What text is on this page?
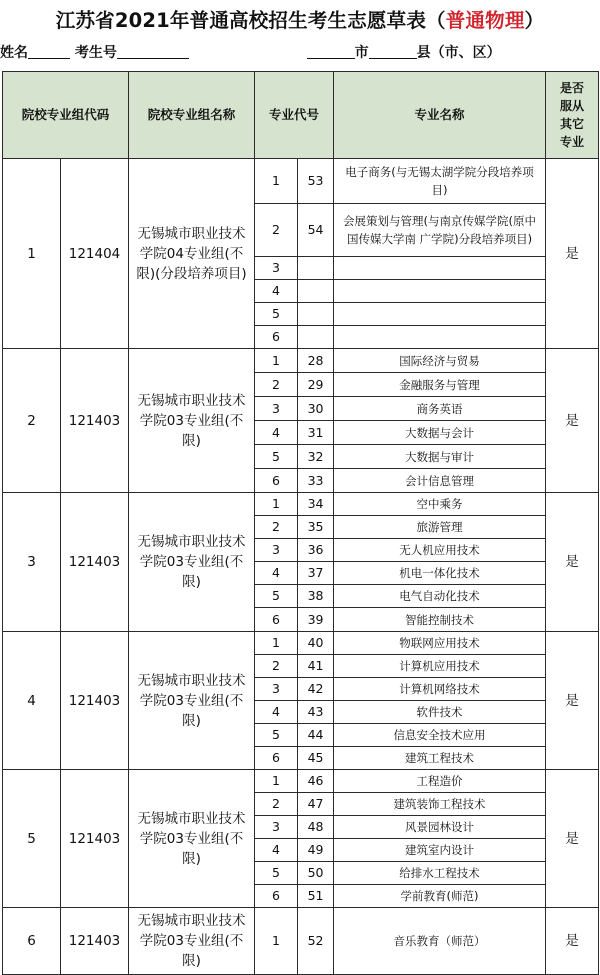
江苏省2021年普通高校招生考生志愿草表（普通物理）
姓名	考生号	市	县（市、区）
院校专业组代码		院校专业组名称	专业代号		专业名称	是否服从其它专业
1	121404	无锡城市职业技术学院04专业组(不限)(分段培养项目)	1	53	电子商务(与无锡太湖学院分段培养项目)	是
			2	54	会展策划与管理(与南京传媒学院(原中国传媒大学南 广学院)分段培养项目)	
			3			
			4			
			5			
			6			
2	121403	无锡城市职业技术学院03专业组(不限)	1	28	国际经济与贸易	是
			2	29	金融服务与管理	
			3	30	商务英语	
			4	31	大数据与会计	
			5	32	大数据与审计	
			6	33	会计信息管理	
3	121403	无锡城市职业技术学院03专业组(不限)	1	34	空中乘务	是
			2	35	旅游管理	
			3	36	无人机应用技术	
			4	37	机电一体化技术	
			5	38	电气自动化技术	
			6	39	智能控制技术	
4	121403	无锡城市职业技术学院03专业组(不限)	1	40	物联网应用技术	是
			2	41	计算机应用技术	
			3	42	计算机网络技术	
			4	43	软件技术	
			5	44	信息安全技术应用	
			6	45	建筑工程技术	
5	121403	无锡城市职业技术学院03专业组(不限)	1	46	工程造价	是
			2	47	建筑装饰工程技术	
			3	48	风景园林设计	
			4	49	建筑室内设计	
			5	50	给排水工程技术	
			6	51	学前教育(师范)	
6	121403	无锡城市职业技术学院03专业组(不限)	1	52	音乐教育（师范）	是
